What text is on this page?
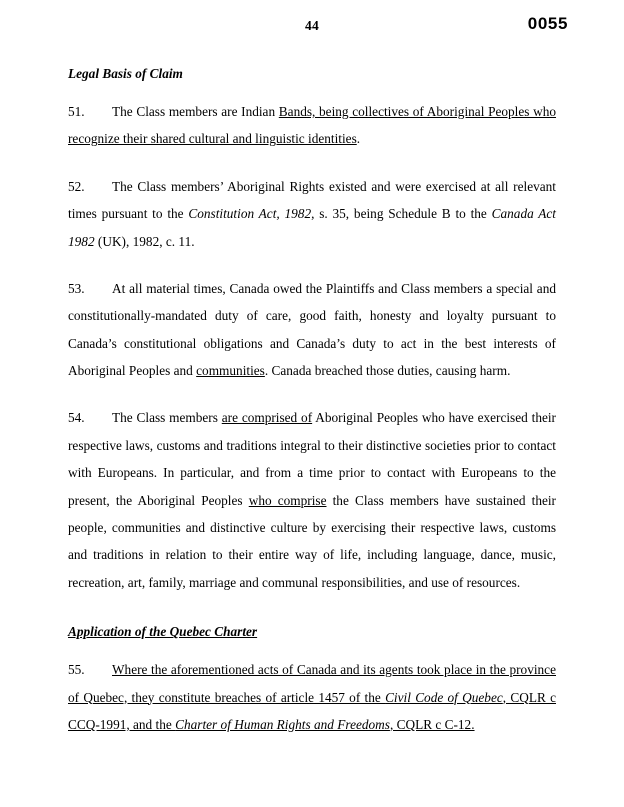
44	0055
Legal Basis of Claim

51. The Class members are Indian Bands, being collectives of Aboriginal Peoples who recognize their shared cultural and linguistic identities.

52. The Class members’ Aboriginal Rights existed and were exercised at all relevant times pursuant to the Constitution Act, 1982, s. 35, being Schedule B to the Canada Act 1982 (UK), 1982, c. 11.

53. At all material times, Canada owed the Plaintiffs and Class members a special and constitutionally-mandated duty of care, good faith, honesty and loyalty pursuant to Canada’s constitutional obligations and Canada’s duty to act in the best interests of Aboriginal Peoples and communities. Canada breached those duties, causing harm.

54. The Class members are comprised of Aboriginal Peoples who have exercised their respective laws, customs and traditions integral to their distinctive societies prior to contact with Europeans. In particular, and from a time prior to contact with Europeans to the present, the Aboriginal Peoples who comprise the Class members have sustained their people, communities and distinctive culture by exercising their respective laws, customs and traditions in relation to their entire way of life, including language, dance, music, recreation, art, family, marriage and communal responsibilities, and use of resources.

Application of the Quebec Charter

55. Where the aforementioned acts of Canada and its agents took place in the province of Quebec, they constitute breaches of article 1457 of the Civil Code of Quebec, CQLR c CCQ-1991, and the Charter of Human Rights and Freedoms, CQLR c C-12.
